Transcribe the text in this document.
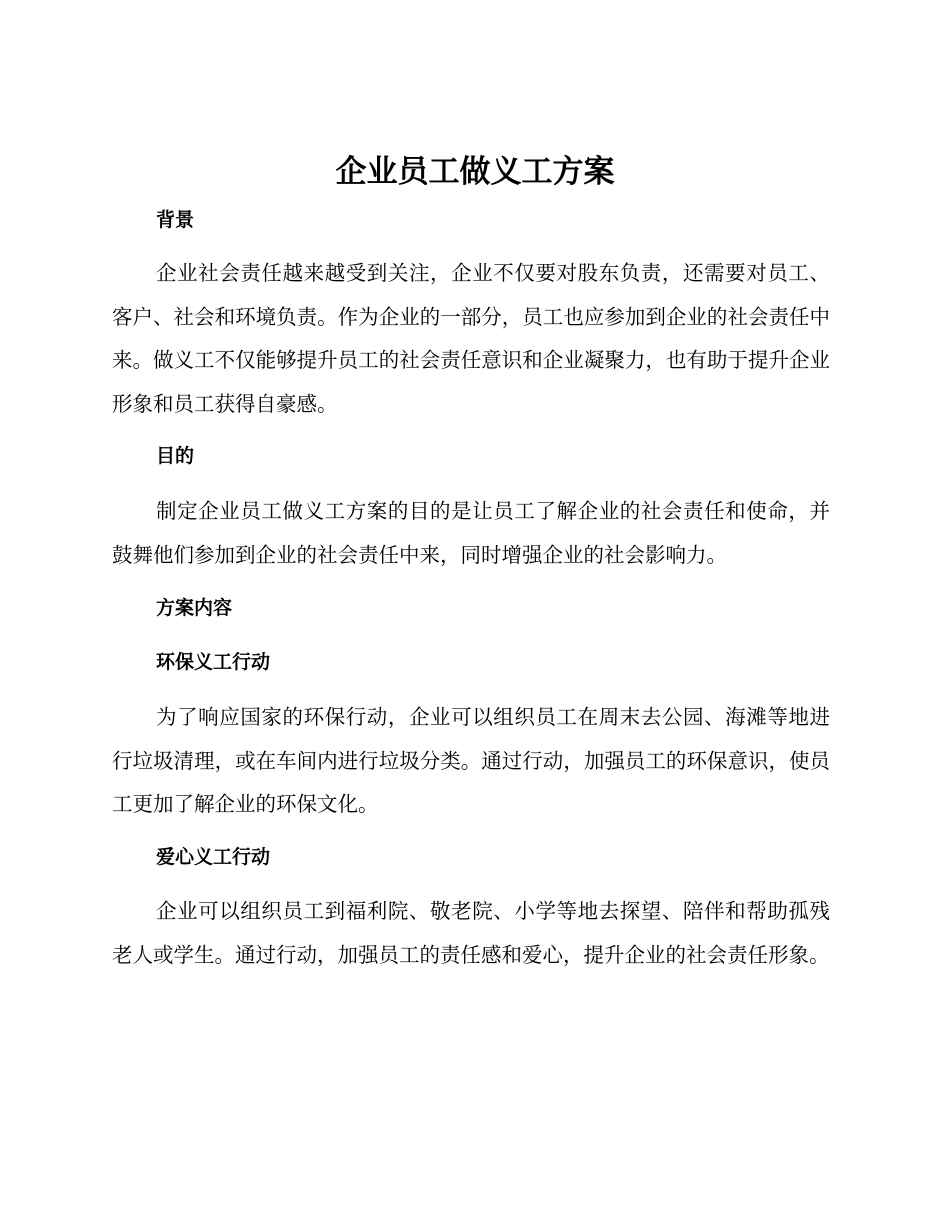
企业员工做义工方案
背景

企业社会责任越来越受到关注，企业不仅要对股东负责，还需要对员工、客户、社会和环境负责。作为企业的一部分，员工也应参加到企业的社会责任中来。做义工不仅能够提升员工的社会责任意识和企业凝聚力，也有助于提升企业形象和员工获得自豪感。

目的

制定企业员工做义工方案的目的是让员工了解企业的社会责任和使命，并鼓舞他们参加到企业的社会责任中来，同时增强企业的社会影响力。

方案内容
环保义工行动

为了响应国家的环保行动，企业可以组织员工在周末去公园、海滩等地进行垃圾清理，或在车间内进行垃圾分类。通过行动，加强员工的环保意识，使员工更加了解企业的环保文化。

爱心义工行动

企业可以组织员工到福利院、敬老院、小学等地去探望、陪伴和帮助孤残老人或学生。通过行动，加强员工的责任感和爱心，提升企业的社会责任形象。
